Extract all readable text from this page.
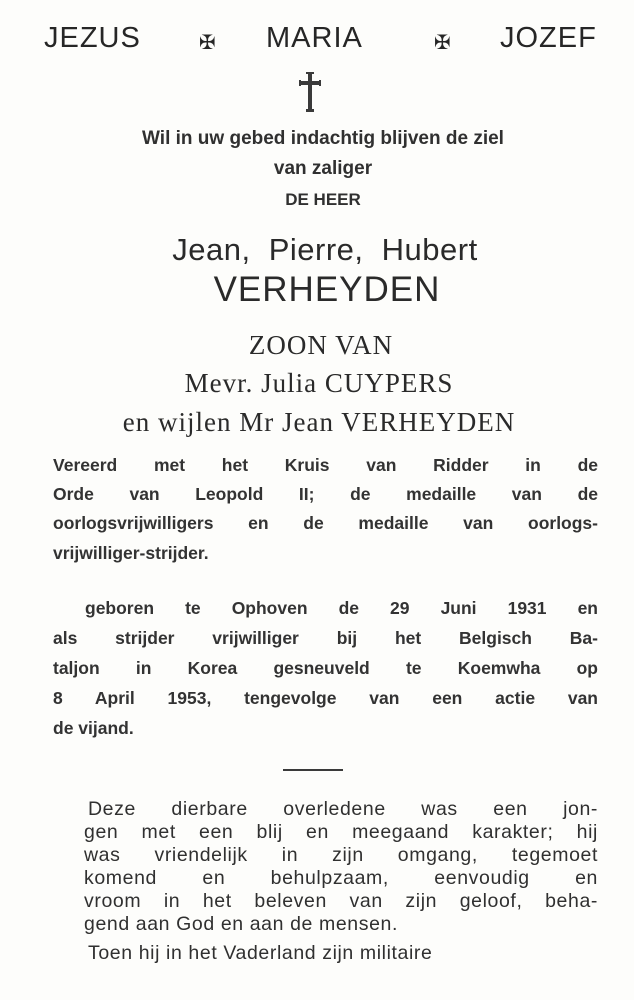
JEZUS	✠ MARIA	✠ JOZEF
Wil in uw gebed indachtig blijven de ziel
van zaliger
DE HEER
Jean, Pierre, Hubert
VERHEYDEN
ZOON VAN
Mevr. Julia CUYPERS
en wijlen Mr Jean VERHEYDEN
Vereerd met het Kruis van Ridder in de
Orde van Leopold II; de medaille van de
oorlogsvrijwilligers en de medaille van oorlogs-
vrijwilliger-strijder.
geboren te Ophoven de 29 Juni 1931 en
als strijder vrijwilliger bij het Belgisch Ba-
taljon in Korea gesneuveld te Koemwha op
8 April 1953, tengevolge van een actie van
de vijand.
Deze dierbare overledene was een jon-
gen met een blij en meegaand karakter; hij
was vriendelijk in zijn omgang, tegemoet
komend en behulpzaam, eenvoudig en
vroom in het beleven van zijn geloof, beha-
gend aan God en aan de mensen.
Toen hij in het Vaderland zijn militaire
